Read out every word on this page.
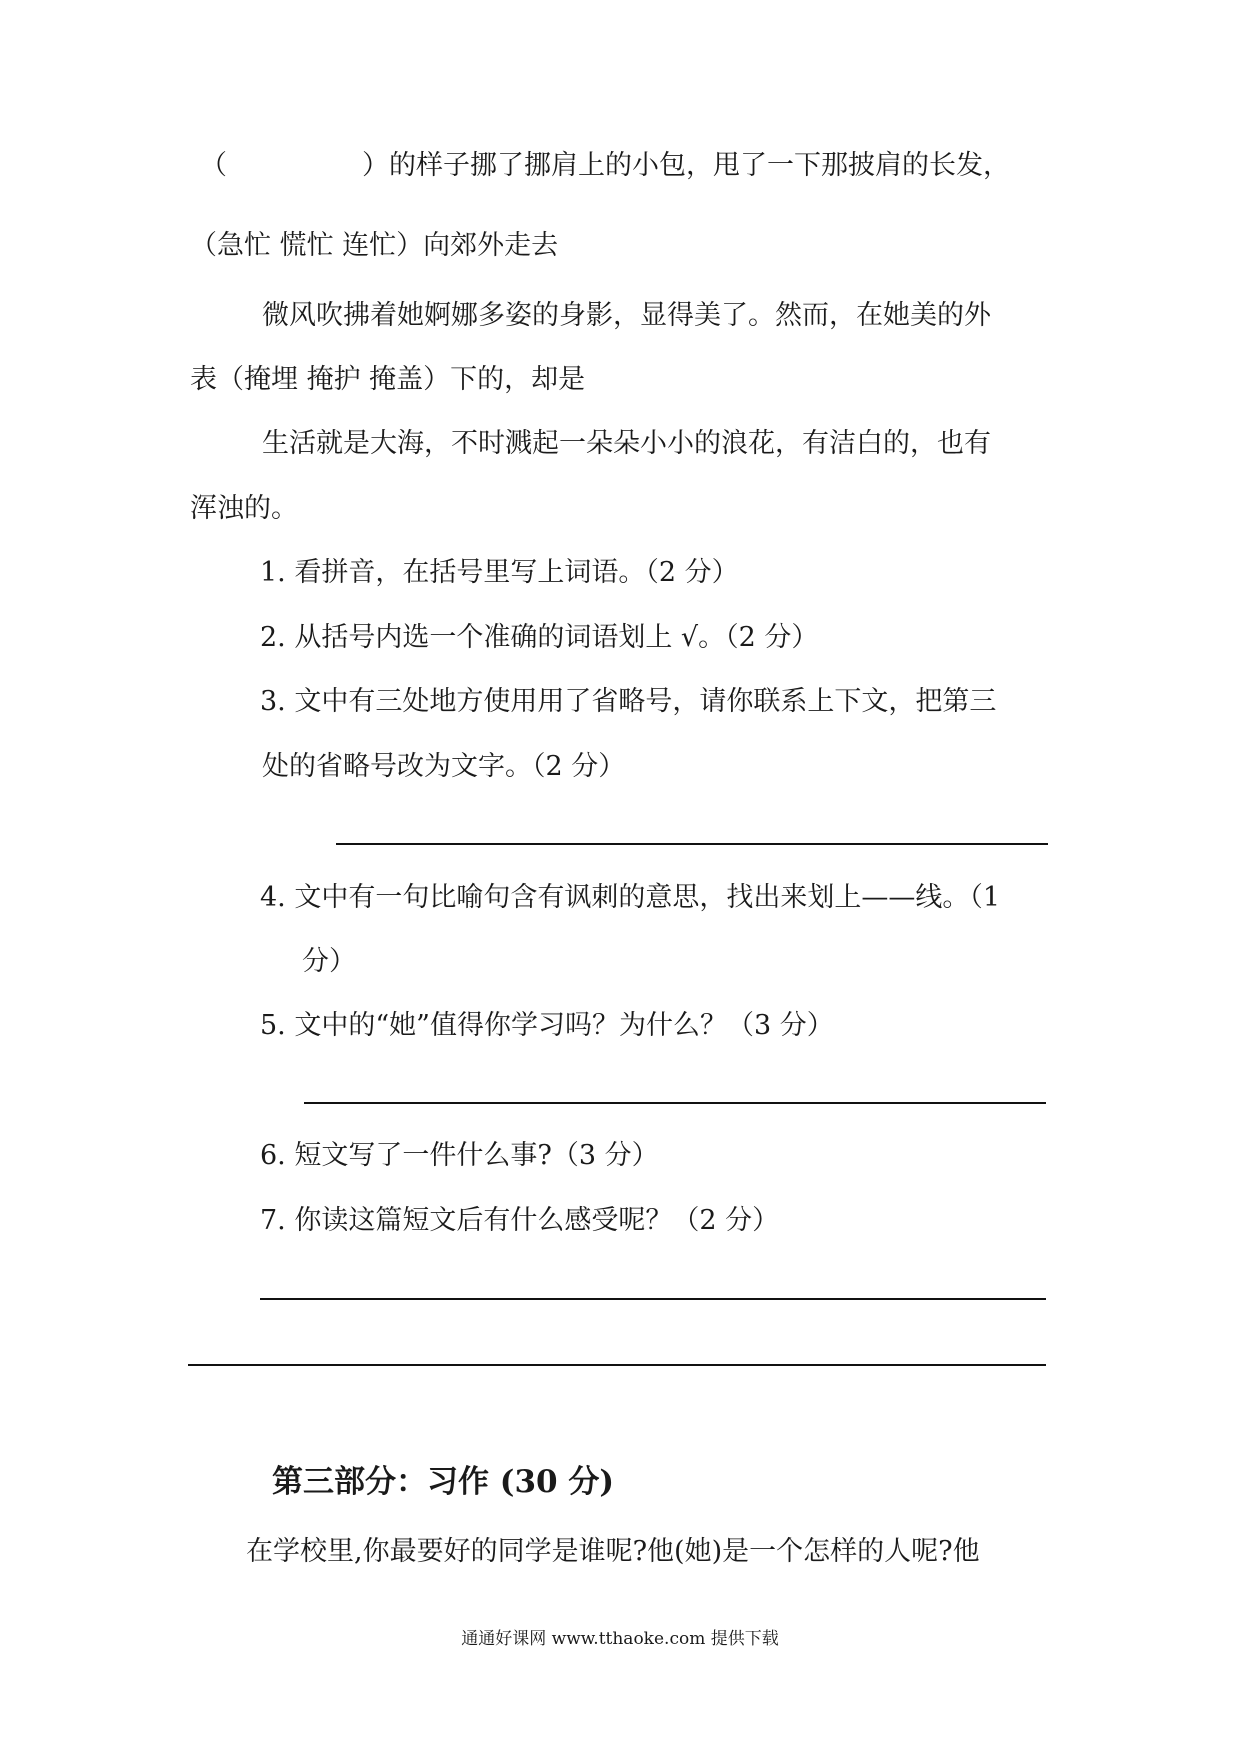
（　　　　　）的样子挪了挪肩上的小包，甩了一下那披肩的长发，
（急忙 慌忙 连忙）向郊外走去
微风吹拂着她婀娜多姿的身影，显得美了。然而，在她美的外
表（掩埋 掩护 掩盖）下的，却是
生活就是大海，不时溅起一朵朵小小的浪花，有洁白的，也有
浑浊的。
1. 看拼音，在括号里写上词语。（2 分）
2. 从括号内选一个准确的词语划上 √。（2 分）
3. 文中有三处地方使用用了省略号，请你联系上下文，把第三
处的省略号改为文字。（2 分）
4. 文中有一句比喻句含有讽刺的意思，找出来划上——线。（1
分）
5. 文中的“她”值得你学习吗？为什么？（3 分）
6. 短文写了一件什么事?（3 分）
7. 你读这篇短文后有什么感受呢？（2 分）
第三部分：习作 (30 分)
在学校里,你最要好的同学是谁呢?他(她)是一个怎样的人呢?他
通通好课网 www.tthaoke.com 提供下载
